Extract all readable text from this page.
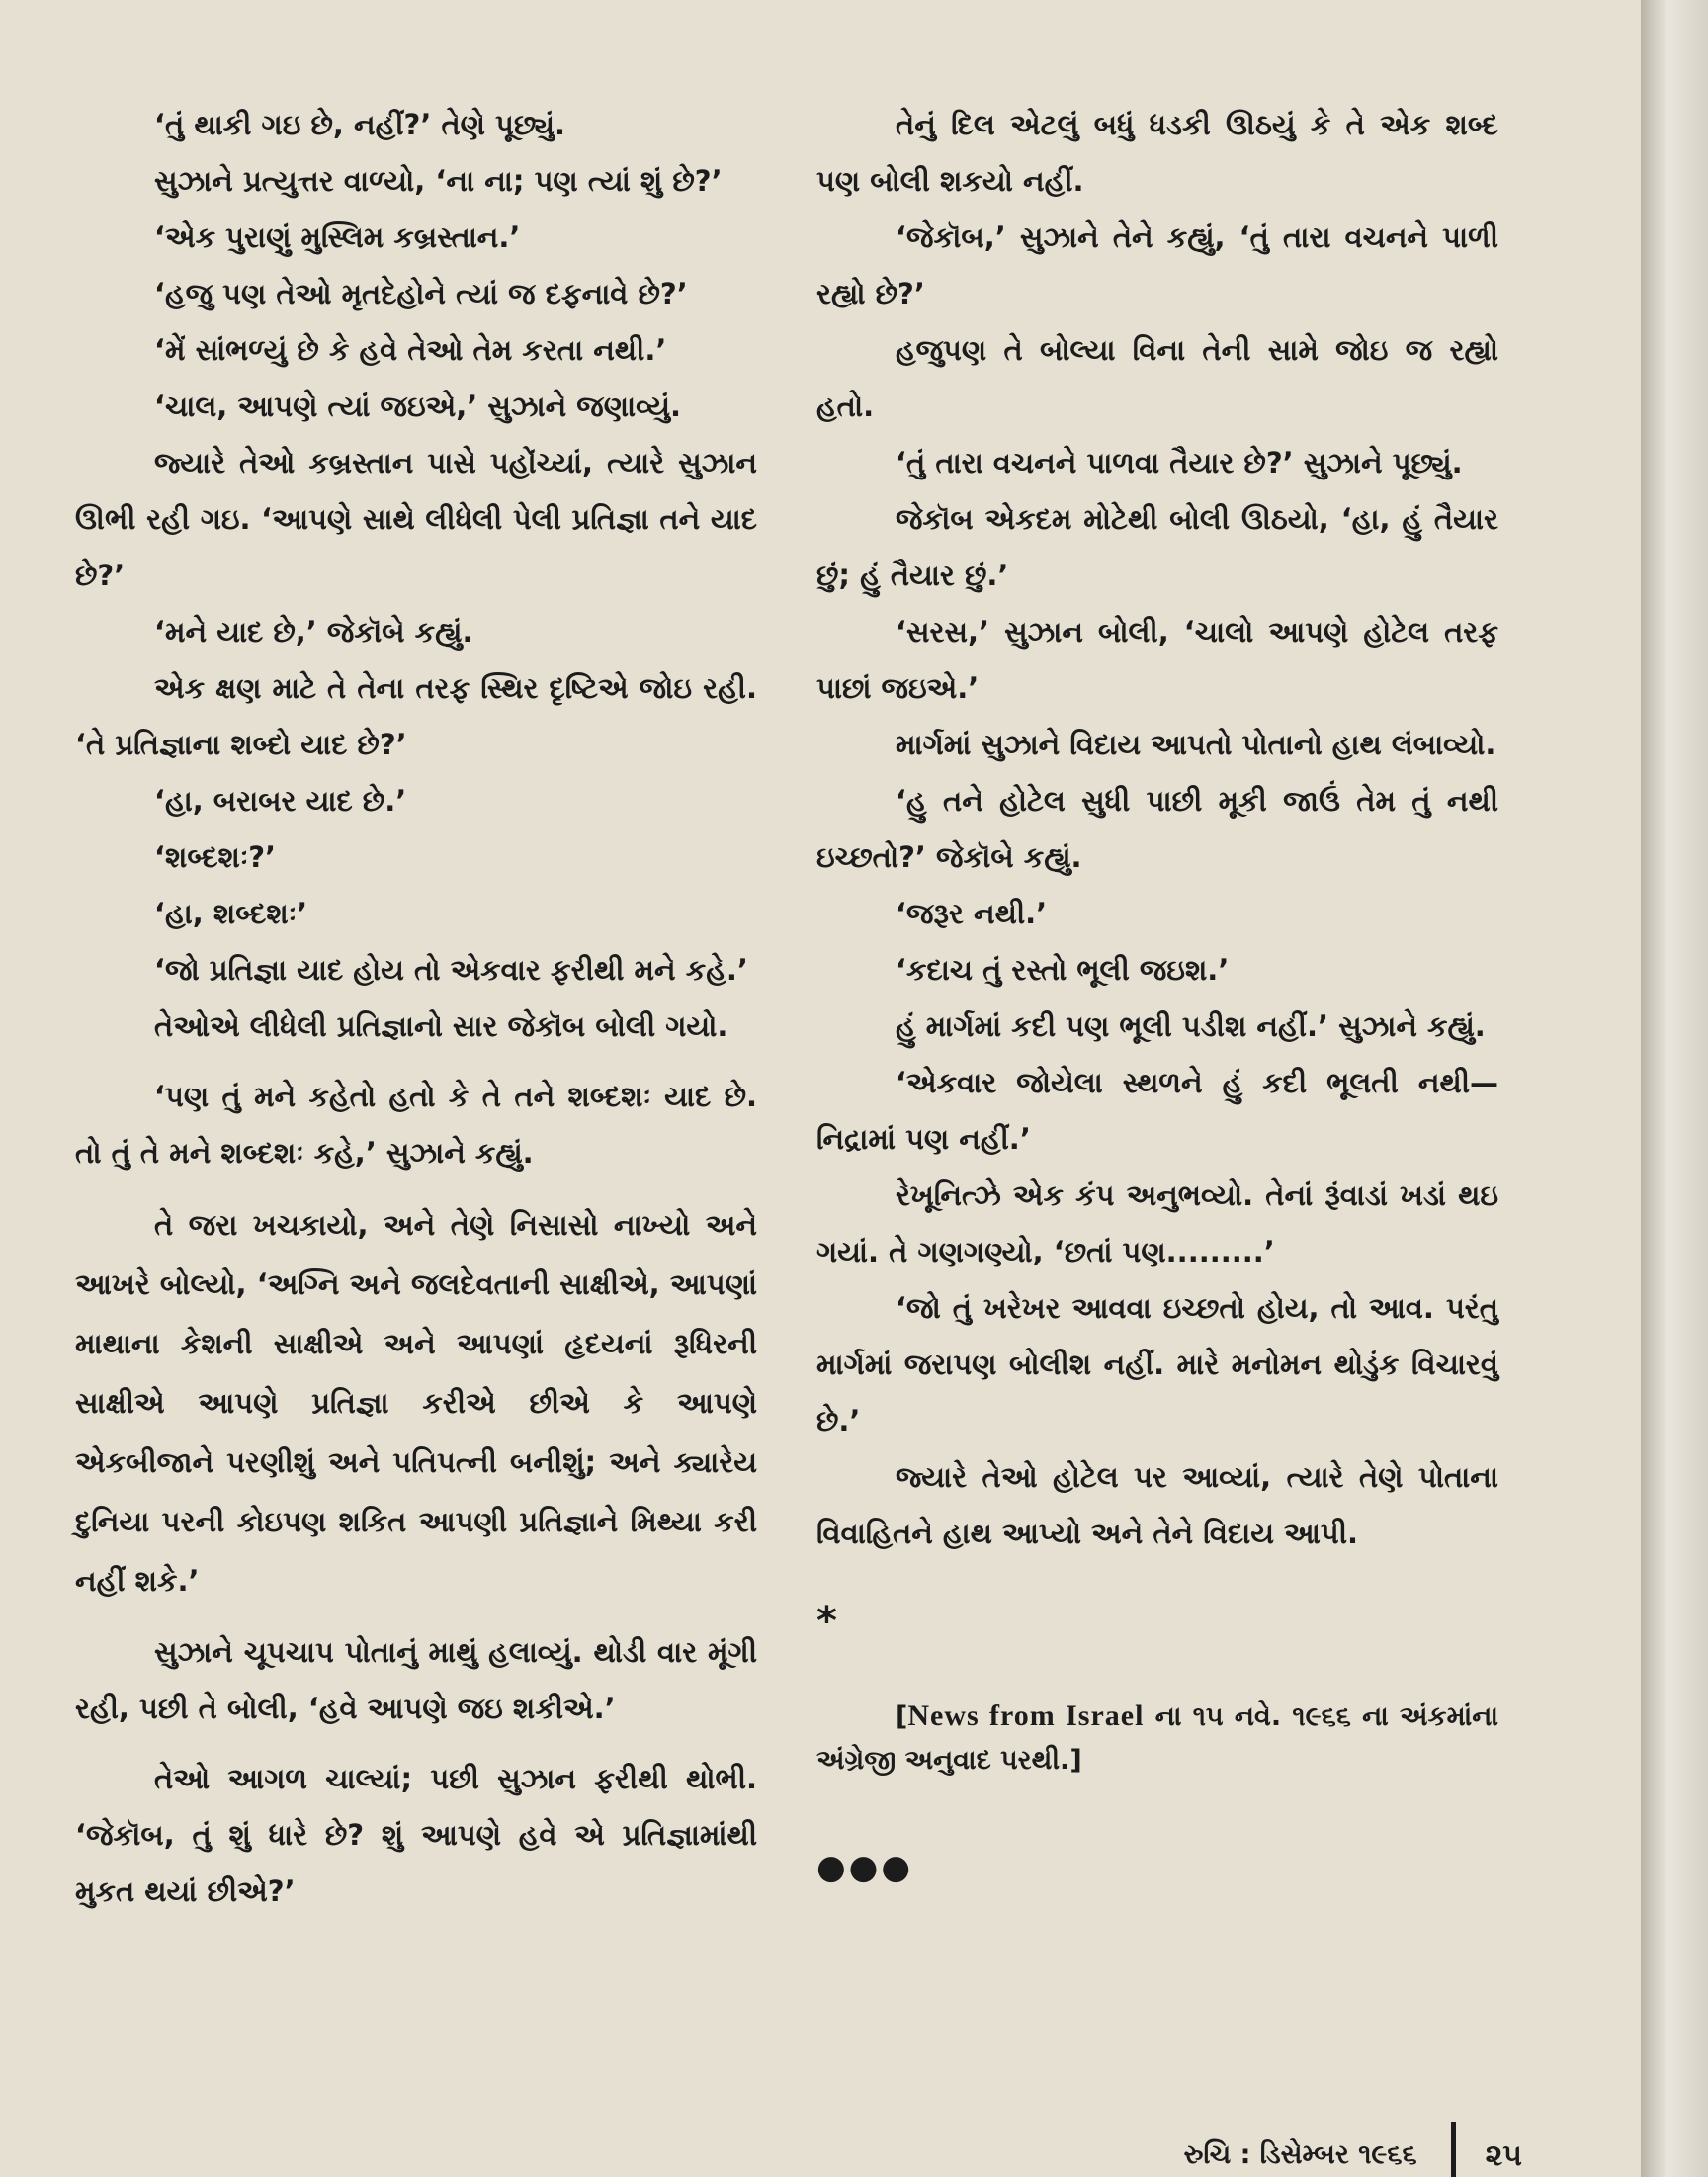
‘તું થાકી ગઇ છે, નહીં?’ તેણે પૂછ્યું.

સુઝાને પ્રત્યુત્તર વાળ્યો, ‘ના ના; પણ ત્યાં શું છે?’

‘એક પુરાણું મુસ્લિમ કબ્રસ્તાન.’

‘હજુ પણ તેઓ મૃતદેહોને ત્યાં જ દફનાવે છે?’

‘મેં સાંભળ્યું છે કે હવે તેઓ તેમ કરતા નથી.’

‘ચાલ, આપણે ત્યાં જઇએ,’ સુઝાને જણાવ્યું.

જ્યારે તેઓ કબ્રસ્તાન પાસે પહોંચ્યાં, ત્યારે સુઝાન ઊભી રહી ગઇ. ‘આપણે સાથે લીધેલી પેલી પ્રતિજ્ઞા તને યાદ છે?’

‘મને યાદ છે,’ જેકૉબે કહ્યું.

એક ક્ષણ માટે તે તેના તરફ સ્થિર દૃષ્ટિએ જોઇ રહી. ‘તે પ્રતિજ્ઞાના શબ્દો યાદ છે?’

‘હા, બરાબર યાદ છે.’

‘શબ્દશઃ?’

‘હા, શબ્દશઃ’

‘જો પ્રતિજ્ઞા યાદ હોય તો એકવાર ફરીથી મને કહે.’

તેઓએ લીધેલી પ્રતિજ્ઞાનો સાર જેકૉબ બોલી ગયો.

‘પણ તું મને કહેતો હતો કે તે તને શબ્દશઃ યાદ છે. તો તું તે મને શબ્દશઃ કહે,’ સુઝાને કહ્યું.

તે જરા ખચકાયો, અને તેણે નિસાસો નાખ્યો અને આખરે બોલ્યો, ‘અગ્નિ અને જલદેવતાની સાક્ષીએ, આપણાં માથાના કેશની સાક્ષીએ અને આપણાં હૃદયનાં રૂધિરની સાક્ષીએ આપણે પ્રતિજ્ઞા કરીએ છીએ કે આપણે એકબીજાને પરણીશું અને પતિપત્ની બનીશું; અને ક્યારેય દુનિયા પરની કોઇપણ શકિત આપણી પ્રતિજ્ઞાને મિથ્યા કરી નહીં શકે.’

સુઝાને ચૂપચાપ પોતાનું માથું હલાવ્યું. થોડી વાર મૂંગી રહી, પછી તે બોલી, ‘હવે આપણે જઇ શકીએ.’

તેઓ આગળ ચાલ્યાં; પછી સુઝાન ફરીથી થોભી. ‘જેકૉબ, તું શું ધારે છે? શું આપણે હવે એ પ્રતિજ્ઞામાંથી મુકત થયાં છીએ?’

તેનું દિલ એટલું બધું ધડકી ઊઠયું કે તે એક શબ્દ પણ બોલી શકયો નહીં.

‘જેકૉબ,’ સુઝાને તેને કહ્યું, ‘તું તારા વચનને પાળી રહ્યો છે?’

હજુપણ તે બોલ્યા વિના તેની સામે જોઇ જ રહ્યો હતો.

‘તું તારા વચનને પાળવા તૈયાર છે?’ સુઝાને પૂછ્યું.

જેકૉબ એકદમ મોટેથી બોલી ઊઠયો, ‘હા, હું તૈયાર છું; હું તૈયાર છું.’

‘સરસ,’ સુઝાન બોલી, ‘ચાલો આપણે હોટેલ તરફ પાછાં જઇએ.’

માર્ગમાં સુઝાને વિદાય આપતો પોતાનો હાથ લંબાવ્યો.

‘હુ તને હોટેલ સુધી પાછી મૂકી જાઉં તેમ તું નથી ઇચ્છતો?’ જેકૉબે કહ્યું.

‘જરૂર નથી.’

‘કદાચ તું રસ્તો ભૂલી જઇશ.’

હું માર્ગમાં કદી પણ ભૂલી પડીશ નહીં.’ સુઝાને કહ્યું.

‘એકવાર જોયેલા સ્થળને હું કદી ભૂલતી નથી— નિદ્રામાં પણ નહીં.’

રેખૂનિત્ઝે એક કંપ અનુભવ્યો. તેનાં રૂંવાડાં ખડાં થઇ ગયાં. તે ગણગણ્યો, ‘છતાં પણ.........’

‘જો તું ખરેખર આવવા ઇચ્છતો હોય, તો આવ. પરંતુ માર્ગમાં જરાપણ બોલીશ નહીં. મારે મનોમન થોડુંક વિચારવું છે.’

જ્યારે તેઓ હોટેલ પર આવ્યાં, ત્યારે તેણે પોતાના વિવાહિતને હાથ આપ્યો અને તેને વિદાય આપી.

*

[News from Israel ના ૧૫ નવે. ૧૯૬૬ ના અંકમાંના અંગ્રેજી અનુવાદ પરથી.]

●●●

રુચિ : ડિસેમ્બર ૧૯૬૬ ૨૫
